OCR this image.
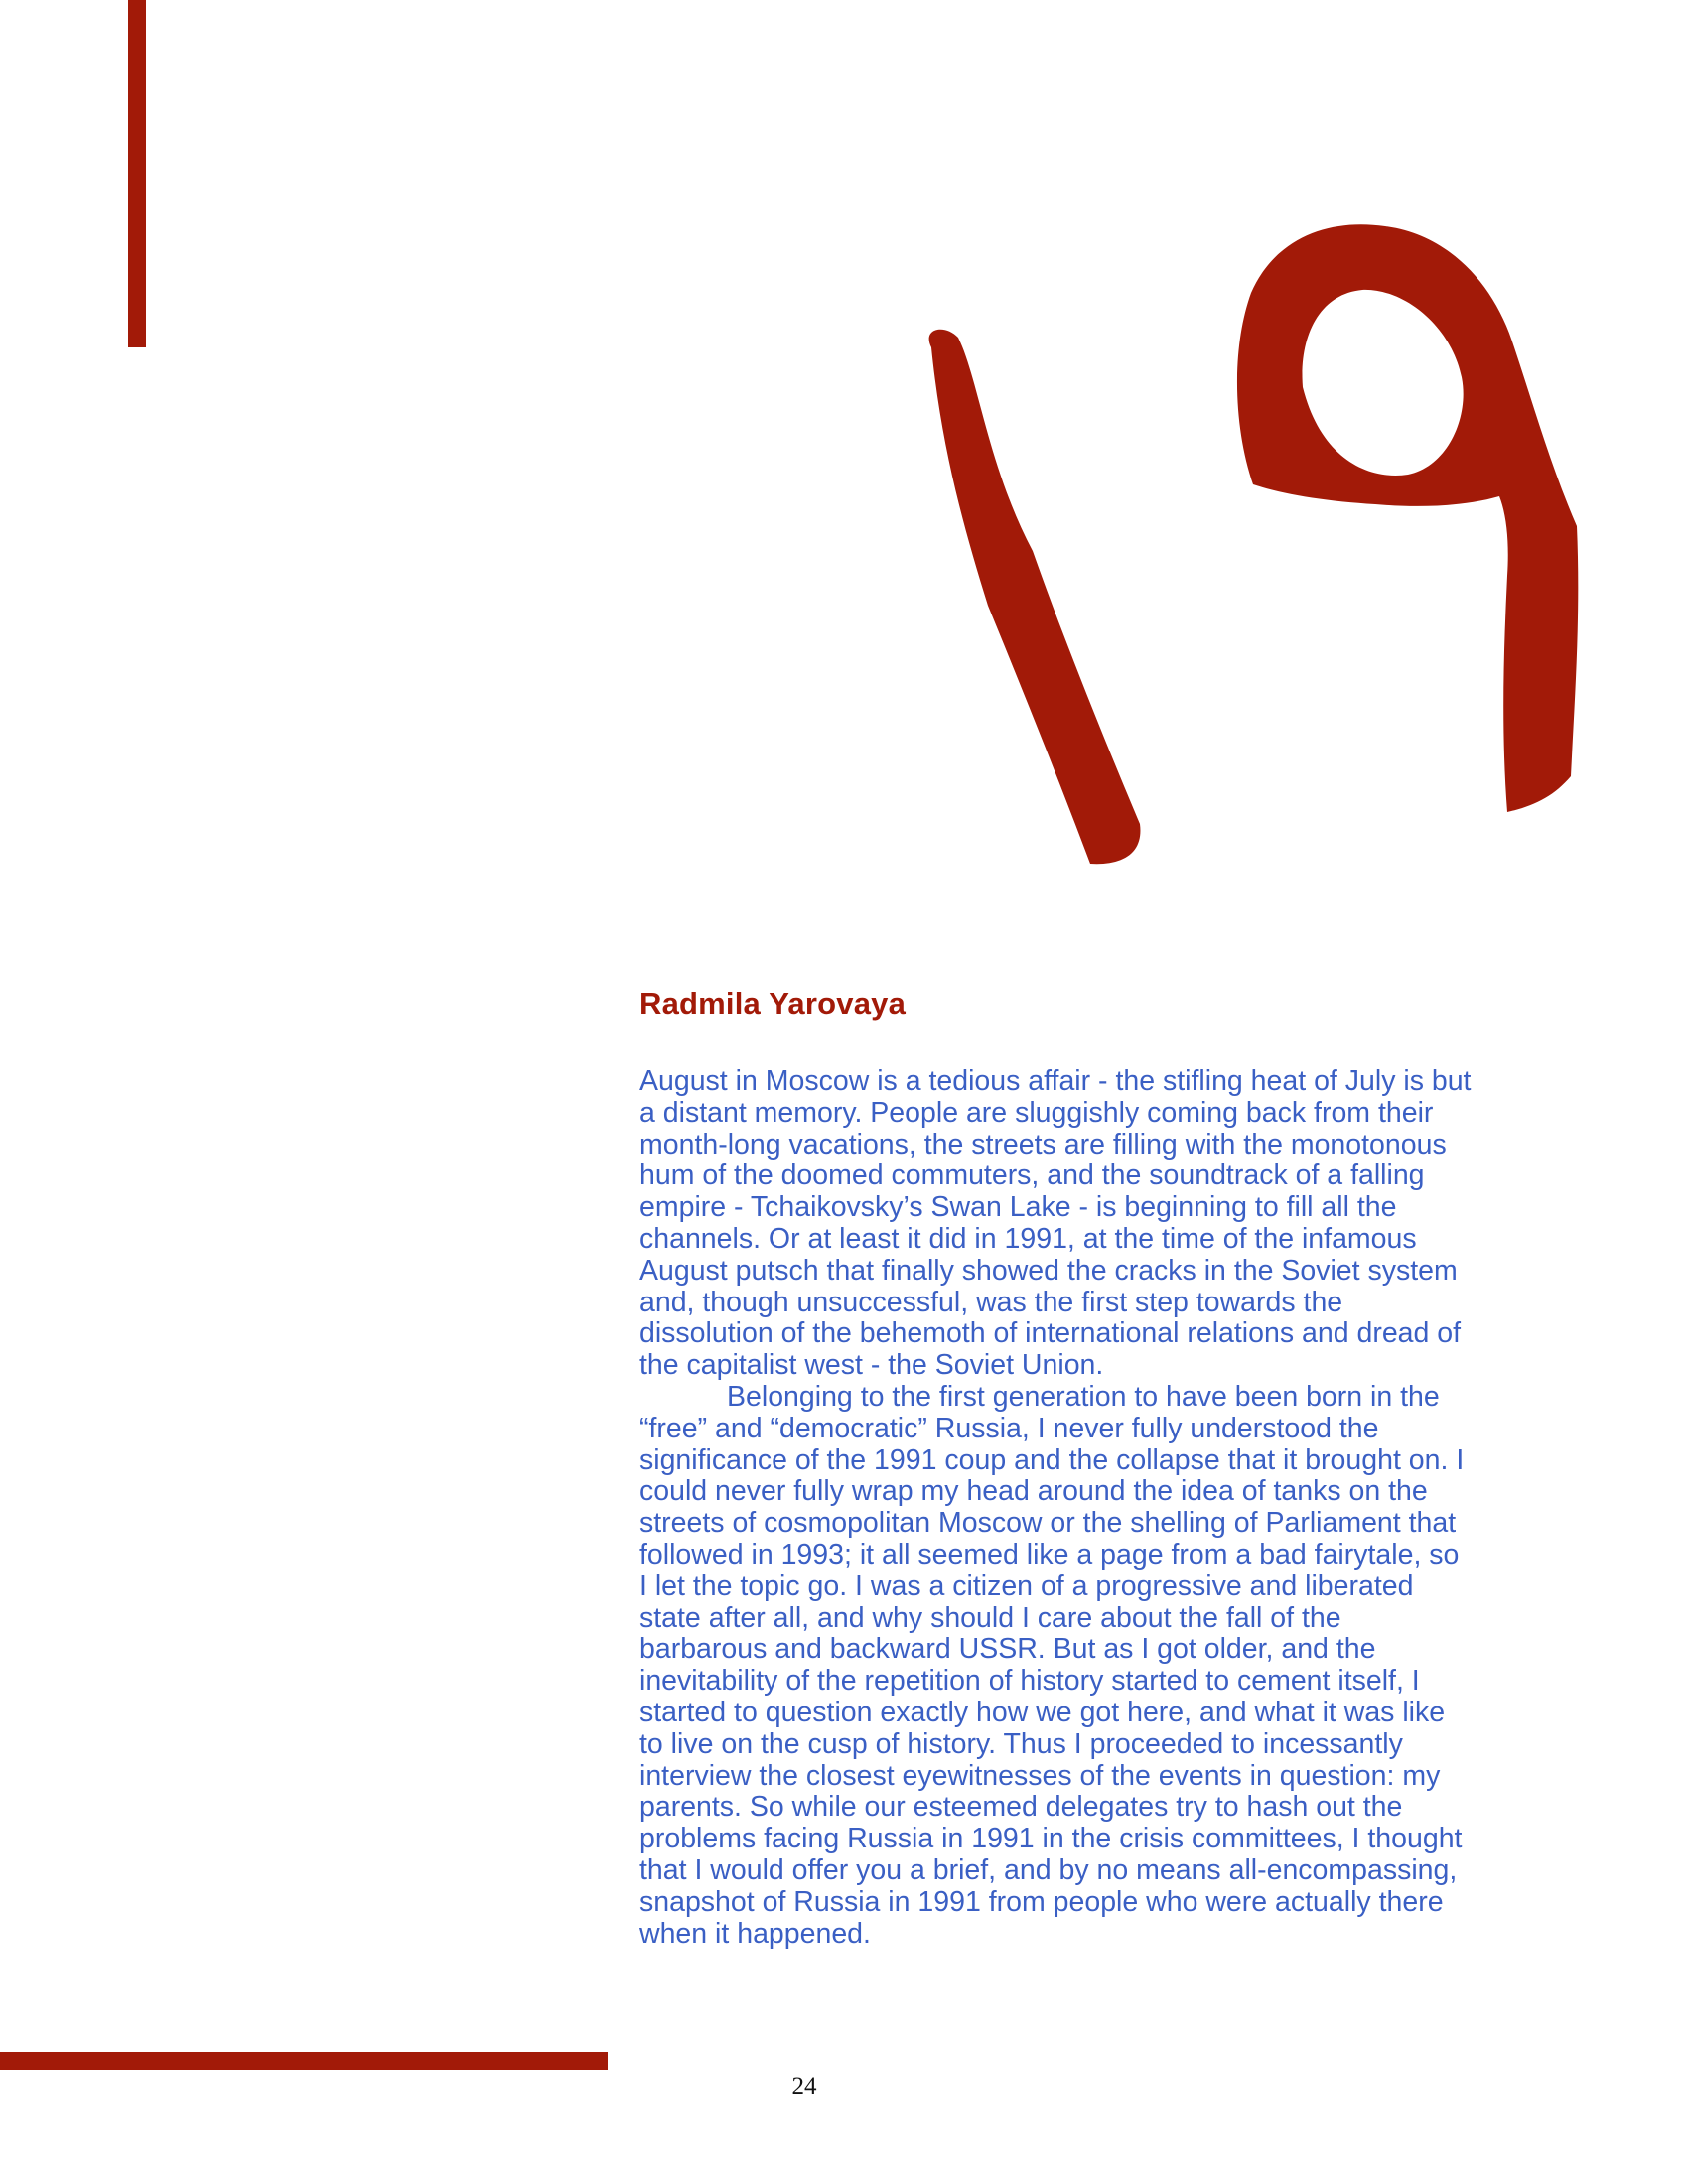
Radmila Yarovaya

August in Moscow is a tedious affair - the stifling heat of July is but
a distant memory. People are sluggishly coming back from their
month-long vacations, the streets are filling with the monotonous
hum of the doomed commuters, and the soundtrack of a falling
empire - Tchaikovsky’s Swan Lake - is beginning to fill all the
channels. Or at least it did in 1991, at the time of the infamous
August putsch that finally showed the cracks in the Soviet system
and, though unsuccessful, was the first step towards the
dissolution of the behemoth of international relations and dread of
the capitalist west - the Soviet Union.

Belonging to the first generation to have been born in the
“free” and “democratic” Russia, I never fully understood the
significance of the 1991 coup and the collapse that it brought on. I
could never fully wrap my head around the idea of tanks on the
streets of cosmopolitan Moscow or the shelling of Parliament that
followed in 1993; it all seemed like a page from a bad fairytale, so
I let the topic go. I was a citizen of a progressive and liberated
state after all, and why should I care about the fall of the
barbarous and backward USSR. But as I got older, and the
inevitability of the repetition of history started to cement itself, I
started to question exactly how we got here, and what it was like
to live on the cusp of history. Thus I proceeded to incessantly
interview the closest eyewitnesses of the events in question: my
parents. So while our esteemed delegates try to hash out the
problems facing Russia in 1991 in the crisis committees, I thought
that I would offer you a brief, and by no means all-encompassing,
snapshot of Russia in 1991 from people who were actually there
when it happened.

24
